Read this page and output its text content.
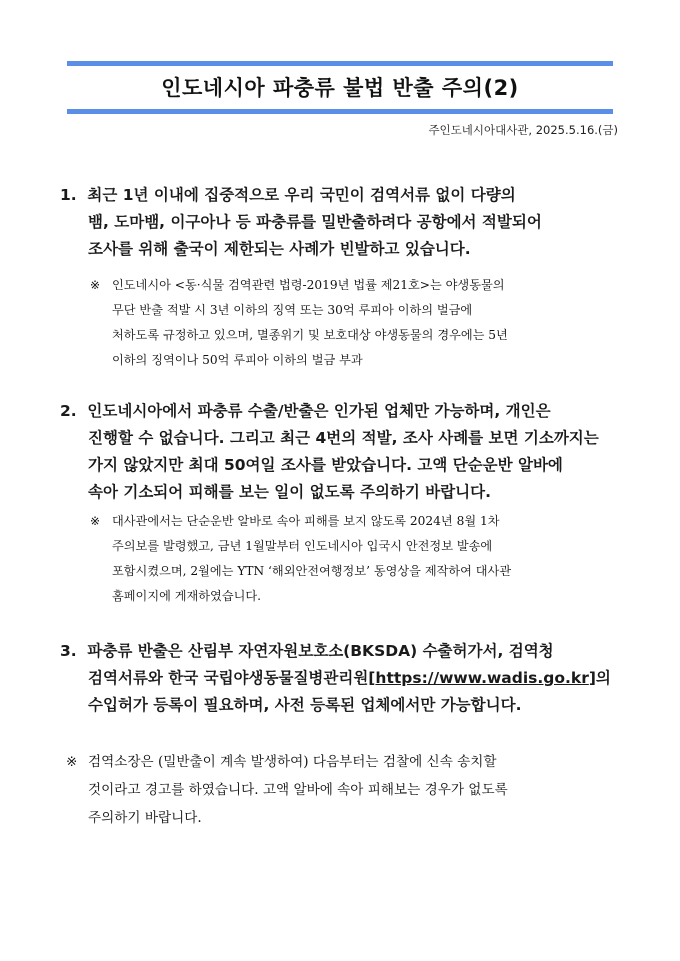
인도네시아 파충류 불법 반출 주의(2)
주인도네시아대사관, 2025.5.16.(금)
1. 최근 1년 이내에 집중적으로 우리 국민이 검역서류 없이 다량의
뱀, 도마뱀, 이구아나 등 파충류를 밀반출하려다 공항에서 적발되어
조사를 위해 출국이 제한되는 사례가 빈발하고 있습니다.
※ 인도네시아 <동·식물 검역관련 법령-2019년 법률 제21호>는 야생동물의
무단 반출 적발 시 3년 이하의 징역 또는 30억 루피아 이하의 벌금에
처하도록 규정하고 있으며, 멸종위기 및 보호대상 야생동물의 경우에는 5년
이하의 징역이나 50억 루피아 이하의 벌금 부과
2. 인도네시아에서 파충류 수출/반출은 인가된 업체만 가능하며, 개인은
진행할 수 없습니다. 그리고 최근 4번의 적발, 조사 사례를 보면 기소까지는
가지 않았지만 최대 50여일 조사를 받았습니다. 고액 단순운반 알바에
속아 기소되어 피해를 보는 일이 없도록 주의하기 바랍니다.
※ 대사관에서는 단순운반 알바로 속아 피해를 보지 않도록 2024년 8월 1차
주의보를 발령했고, 금년 1월말부터 인도네시아 입국시 안전정보 발송에
포함시켰으며, 2월에는 YTN ‘해외안전여행정보’ 동영상을 제작하여 대사관
홈페이지에 게재하였습니다.
3. 파충류 반출은 산림부 자연자원보호소(BKSDA) 수출허가서, 검역청
검역서류와 한국 국립야생동물질병관리원[https://www.wadis.go.kr]의
수입허가 등록이 필요하며, 사전 등록된 업체에서만 가능합니다.
※ 검역소장은 (밀반출이 계속 발생하여) 다음부터는 검찰에 신속 송치할
것이라고 경고를 하였습니다. 고액 알바에 속아 피해보는 경우가 없도록
주의하기 바랍니다.
